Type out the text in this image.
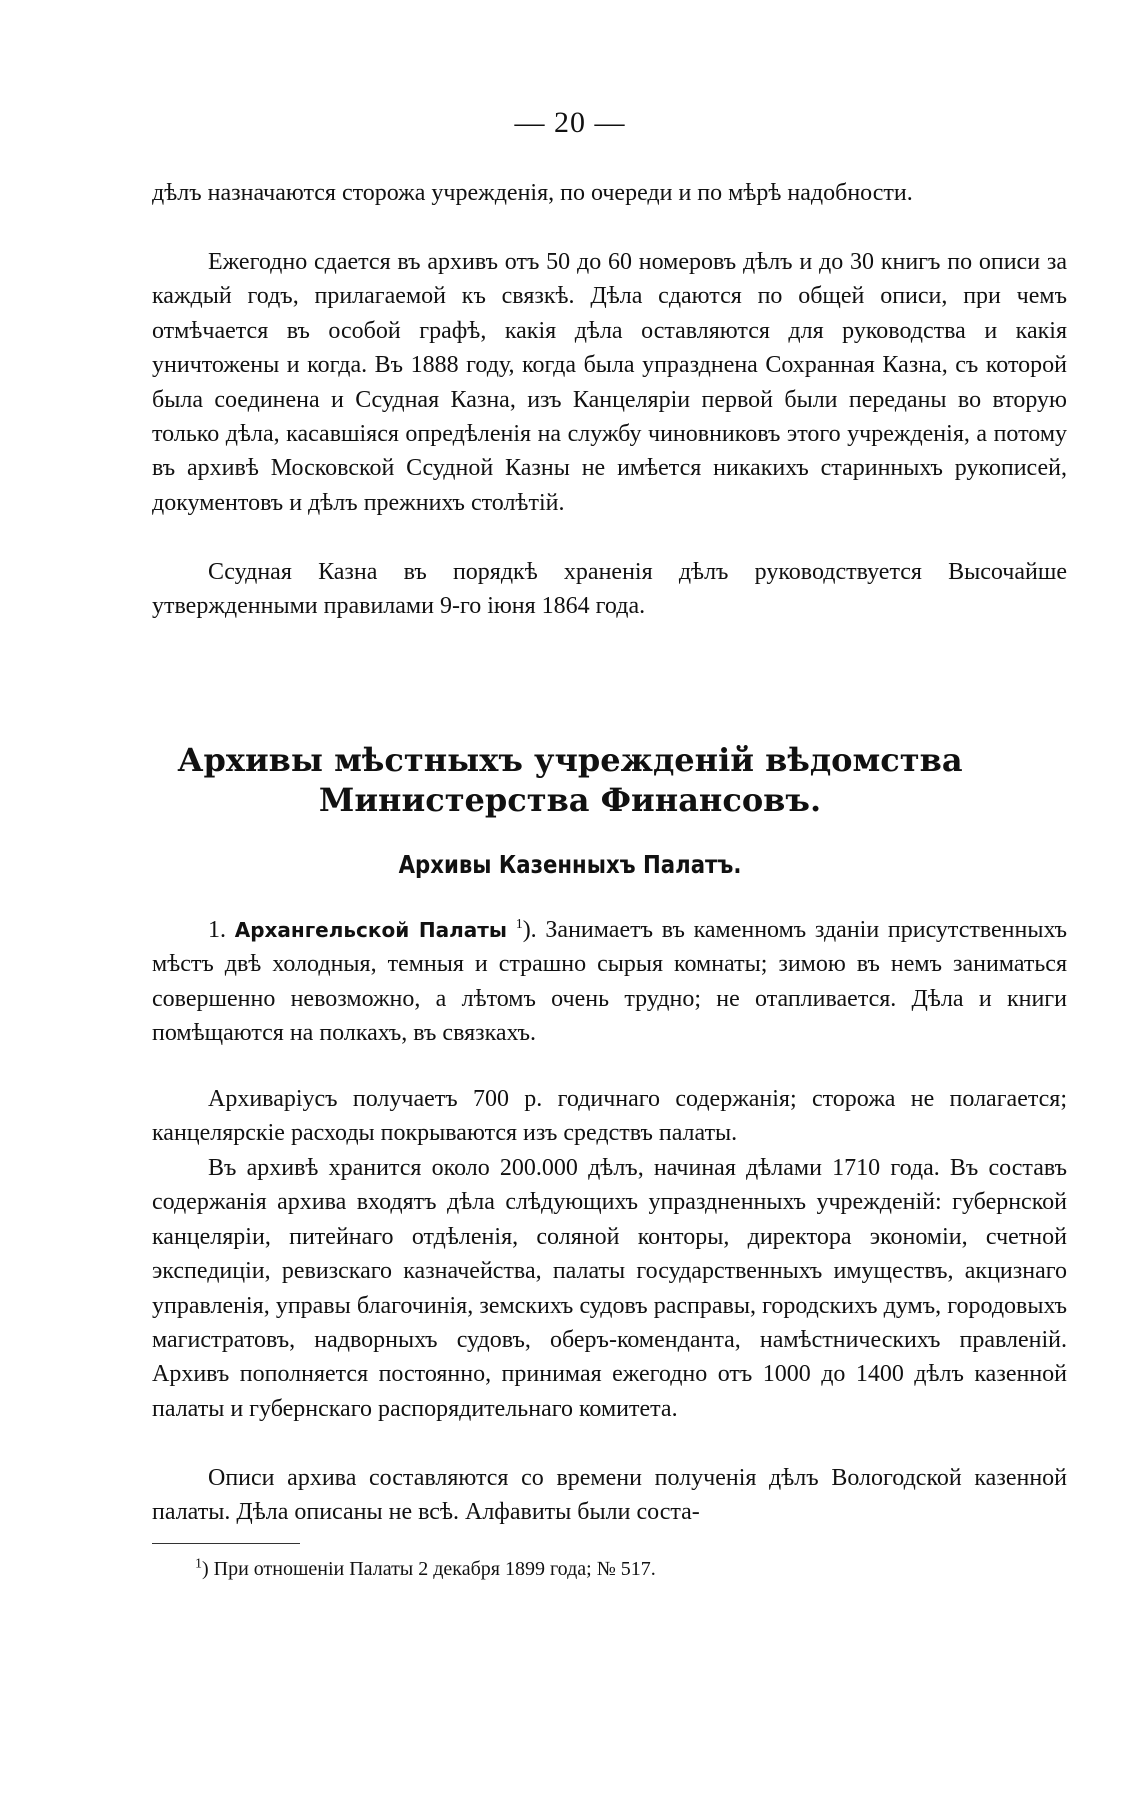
— 20 —

дѣлъ назначаются сторожа учрежденія, по очереди и по мѣрѣ надобности.

Ежегодно сдается въ архивъ отъ 50 до 60 номеровъ дѣлъ и до 30 книгъ по описи за каждый годъ, прилагаемой къ связкѣ. Дѣла сдаются по общей описи, при чемъ отмѣчается въ особой графѣ, какія дѣла оставляются для руководства и какія уничтожены и когда. Въ 1888 году, когда была упразднена Сохранная Казна, съ которой была соединена и Ссудная Казна, изъ Канцеляріи первой были переданы во вторую только дѣла, касавшіяся опредѣленія на службу чиновниковъ этого учрежденія, а потому въ архивѣ Московской Ссудной Казны не имѣется никакихъ старинныхъ рукописей, документовъ и дѣлъ прежнихъ столѣтій.

Ссудная Казна въ порядкѣ храненія дѣлъ руководствуется Высочайше утвержденными правилами 9-го іюня 1864 года.

Архивы мѣстныхъ учрежденій вѣдомства
Министерства Финансовъ.
Архивы Казенныхъ Палатъ.

1. Архангельской Палаты $^1$). Занимаетъ въ каменномъ зданіи присутственныхъ мѣстъ двѣ холодныя, темныя и страшно сырыя комнаты; зимою въ немъ заниматься совершенно невозможно, а лѣтомъ очень трудно; не отапливается. Дѣла и книги помѣщаются на полкахъ, въ связкахъ.

Архиваріусъ получаетъ 700 р. годичнаго содержанія; сторожа не полагается; канцелярскіе расходы покрываются изъ средствъ палаты.

Въ архивѣ хранится около 200.000 дѣлъ, начиная дѣлами 1710 года. Въ составъ содержанія архива входятъ дѣла слѣдующихъ упраздненныхъ учрежденій: губернской канцеляріи, питейнаго отдѣленія, соляной конторы, директора экономіи, счетной экспедиціи, ревизскаго казначейства, палаты государственныхъ имуществъ, акцизнаго управленія, управы благочинія, земскихъ судовъ расправы, городскихъ думъ, городовыхъ магистратовъ, надворныхъ судовъ, оберъ-коменданта, намѣстническихъ правленій. Архивъ пополняется постоянно, принимая ежегодно отъ 1000 до 1400 дѣлъ казенной палаты и губернскаго распорядительнаго комитета.

Описи архива составляются со времени полученія дѣлъ Вологодской казенной палаты. Дѣла описаны не всѣ. Алфавиты были соста-

$^1$) При отношеніи Палаты 2 декабря 1899 года; № 517.
